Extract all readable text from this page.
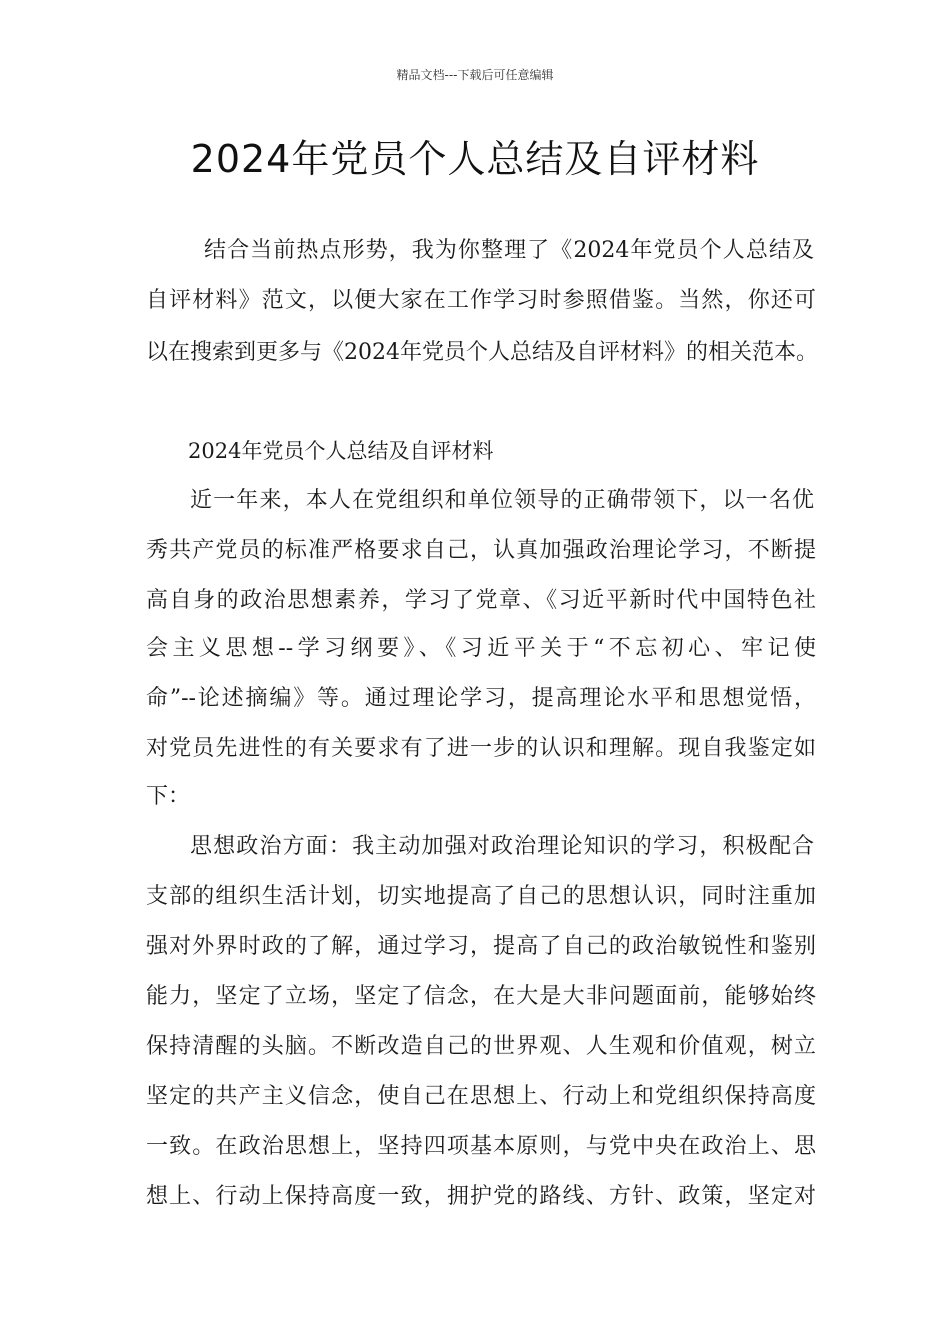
精品文档---下载后可任意编辑
2024年党员个人总结及自评材料
结合当前热点形势，我为你整理了《2024年党员个人总结及
自评材料》范文，以便大家在工作学习时参照借鉴。当然，你还可
以在搜索到更多与《2024年党员个人总结及自评材料》的相关范本。
2024年党员个人总结及自评材料
近一年来，本人在党组织和单位领导的正确带领下，以一名优
秀共产党员的标准严格要求自己，认真加强政治理论学习，不断提
高自身的政治思想素养，学习了党章、《习近平新时代中国特色社
会主义思想--学习纲要》、《习近平关于“不忘初心、牢记使
命”--论述摘编》等。通过理论学习，提高理论水平和思想觉悟，
对党员先进性的有关要求有了进一步的认识和理解。现自我鉴定如
下：
思想政治方面：我主动加强对政治理论知识的学习，积极配合
支部的组织生活计划，切实地提高了自己的思想认识，同时注重加
强对外界时政的了解，通过学习，提高了自己的政治敏锐性和鉴别
能力，坚定了立场，坚定了信念，在大是大非问题面前，能够始终
保持清醒的头脑。不断改造自己的世界观、人生观和价值观，树立
坚定的共产主义信念，使自己在思想上、行动上和党组织保持高度
一致。在政治思想上，坚持四项基本原则，与党中央在政治上、思
想上、行动上保持高度一致，拥护党的路线、方针、政策，坚定对
